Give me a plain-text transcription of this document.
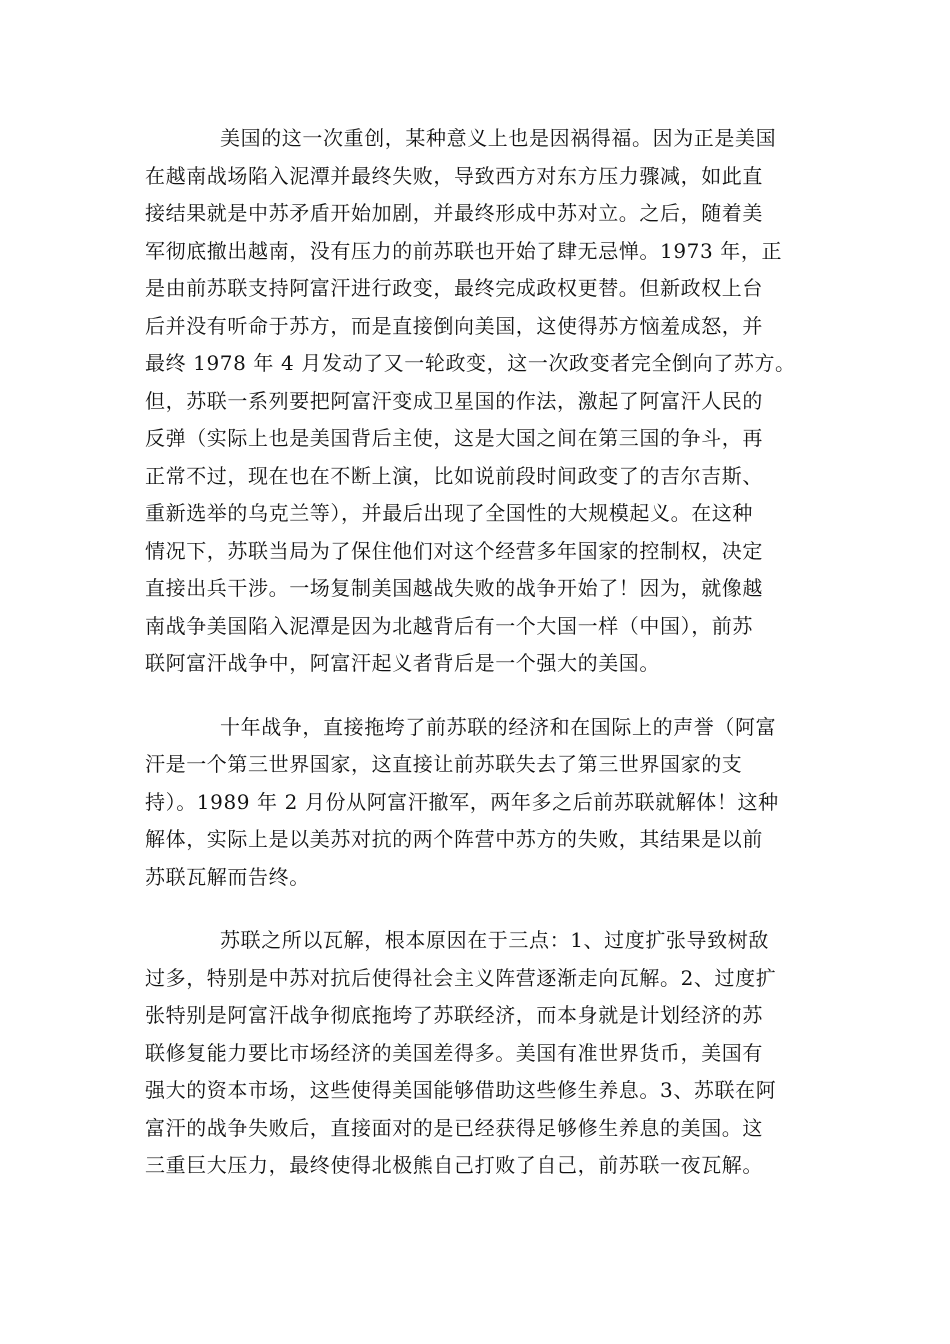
美国的这一次重创，某种意义上也是因祸得福。因为正是美国
在越南战场陷入泥潭并最终失败，导致西方对东方压力骤减，如此直
接结果就是中苏矛盾开始加剧，并最终形成中苏对立。之后，随着美
军彻底撤出越南，没有压力的前苏联也开始了肆无忌惮。1973 年，正
是由前苏联支持阿富汗进行政变，最终完成政权更替。但新政权上台
后并没有听命于苏方，而是直接倒向美国，这使得苏方恼羞成怒，并
最终 1978 年 4 月发动了又一轮政变，这一次政变者完全倒向了苏方。
但，苏联一系列要把阿富汗变成卫星国的作法，激起了阿富汗人民的
反弹（实际上也是美国背后主使，这是大国之间在第三国的争斗，再
正常不过，现在也在不断上演，比如说前段时间政变了的吉尔吉斯、
重新选举的乌克兰等），并最后出现了全国性的大规模起义。在这种
情况下，苏联当局为了保住他们对这个经营多年国家的控制权，决定
直接出兵干涉。一场复制美国越战失败的战争开始了！因为，就像越
南战争美国陷入泥潭是因为北越背后有一个大国一样（中国），前苏
联阿富汗战争中，阿富汗起义者背后是一个强大的美国。

十年战争，直接拖垮了前苏联的经济和在国际上的声誉（阿富
汗是一个第三世界国家，这直接让前苏联失去了第三世界国家的支
持）。1989 年 2 月份从阿富汗撤军，两年多之后前苏联就解体！这种
解体，实际上是以美苏对抗的两个阵营中苏方的失败，其结果是以前
苏联瓦解而告终。

苏联之所以瓦解，根本原因在于三点：1、过度扩张导致树敌
过多，特别是中苏对抗后使得社会主义阵营逐渐走向瓦解。2、过度扩
张特别是阿富汗战争彻底拖垮了苏联经济，而本身就是计划经济的苏
联修复能力要比市场经济的美国差得多。美国有准世界货币，美国有
强大的资本市场，这些使得美国能够借助这些修生养息。3、苏联在阿
富汗的战争失败后，直接面对的是已经获得足够修生养息的美国。这
三重巨大压力，最终使得北极熊自己打败了自己，前苏联一夜瓦解。
